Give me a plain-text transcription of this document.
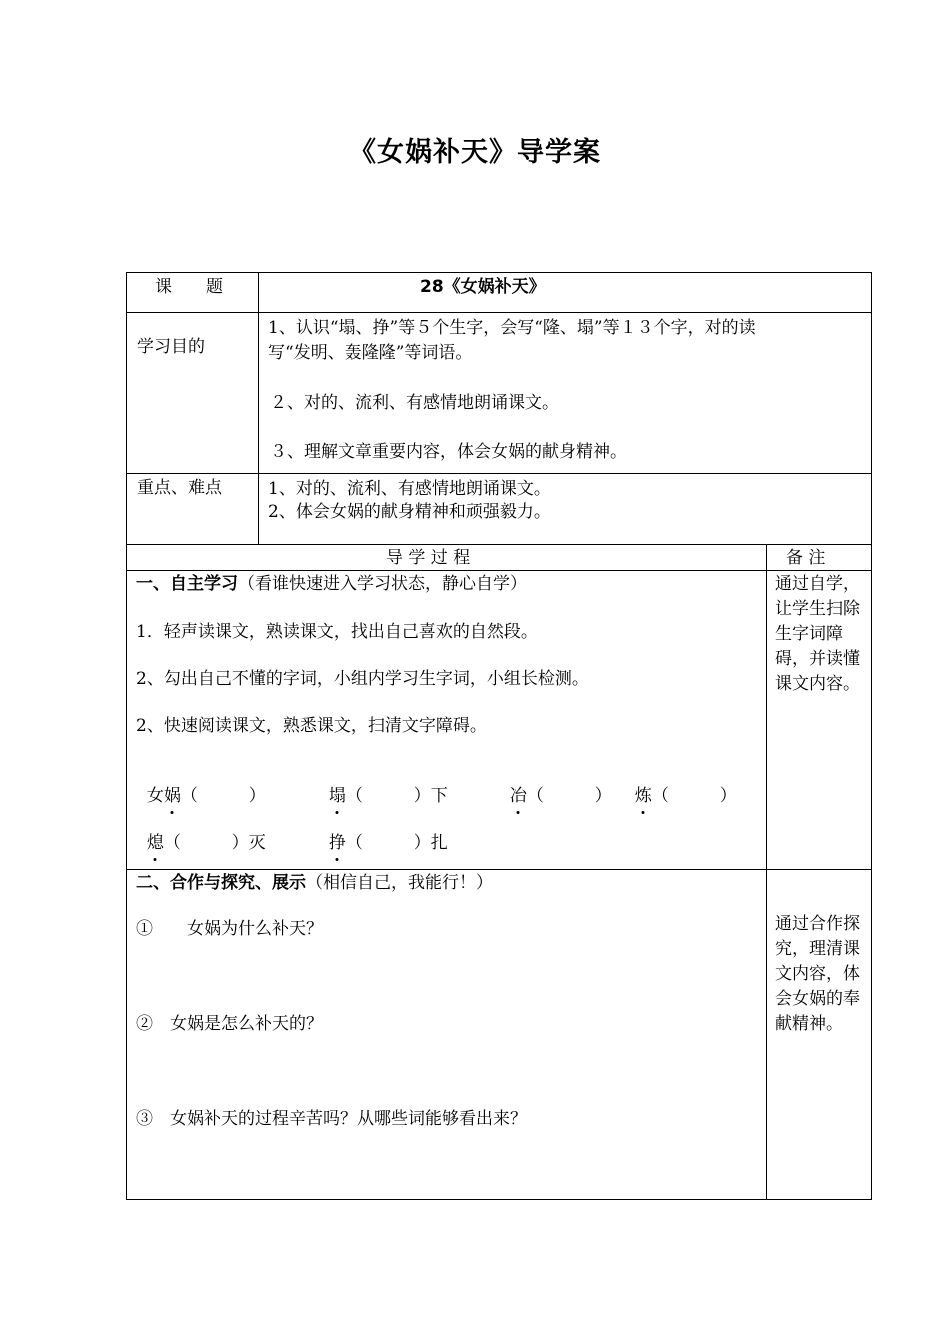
《女娲补天》导学案
课　　题	28《女娲补天》
学习目的
1、认识“塌、挣”等５个生字，会写“隆、塌”等１３个字，对的读
写“发明、轰隆隆”等词语。
２、对的、流利、有感情地朗诵课文。
３、理解文章重要内容，体会女娲的献身精神。
重点、难点	1、对的、流利、有感情地朗诵课文。
2、体会女娲的献身精神和顽强毅力。
导 学 过 程	备 注
一、自主学习（看谁快速进入学习状态，静心自学）
1．轻声读课文，熟读课文，找出自己喜欢的自然段。
2、勾出自己不懂的字词，小组内学习生字词，小组长检测。
2、快速阅读课文，熟悉课文，扫清文字障碍。

女娲（　　　）	塌（　　　）下	冶（　　　）	炼（　　　）

熄（　　　）灭	挣（　　　）扎

通过自学，让学生扫除生字词障碍，并读懂课文内容。
二、合作与探究、展示（相信自己，我能行！）
①　　女娲为什么补天？
②　女娲是怎么补天的？
③　女娲补天的过程辛苦吗？从哪些词能够看出来？
通过合作探究，理清课文内容，体会女娲的奉献精神。
